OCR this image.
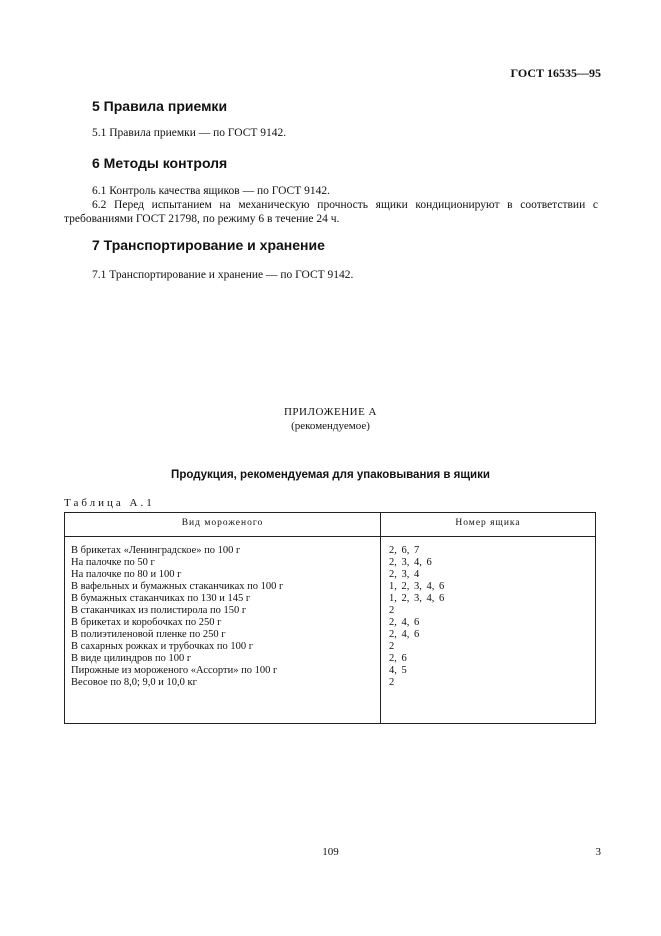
ГОСТ 16535—95
5 Правила приемки
5.1 Правила приемки — по ГОСТ 9142.
6 Методы контроля
6.1 Контроль качества ящиков — по ГОСТ 9142.
6.2 Перед испытанием на механическую прочность ящики кондиционируют в соответствии с требованиями ГОСТ 21798, по режиму 6 в течение 24 ч.
7 Транспортирование и хранение
7.1 Транспортирование и хранение — по ГОСТ 9142.
ПРИЛОЖЕНИЕ А
(рекомендуемое)
Продукция, рекомендуемая для упаковывания в ящики
Таблица А.1
Вид мороженого	Номер ящика
В брикетах «Ленинградское» по 100 г	2, 6, 7
На палочке по 50 г	2, 3, 4, 6
На палочке по 80 и 100 г	2, 3, 4
В вафельных и бумажных стаканчиках по 100 г	1, 2, 3, 4, 6
В бумажных стаканчиках по 130 и 145 г	1, 2, 3, 4, 6
В стаканчиках из полистирола по 150 г	2
В брикетах и коробочках по 250 г	2, 4, 6
В полиэтиленовой пленке по 250 г	2, 4, 6
В сахарных рожках и трубочках по 100 г	2
В виде цилиндров по 100 г	2, 6
Пирожные из мороженого «Ассорти» по 100 г	4, 5
Весовое по 8,0; 9,0 и 10,0 кг	2
109	3
